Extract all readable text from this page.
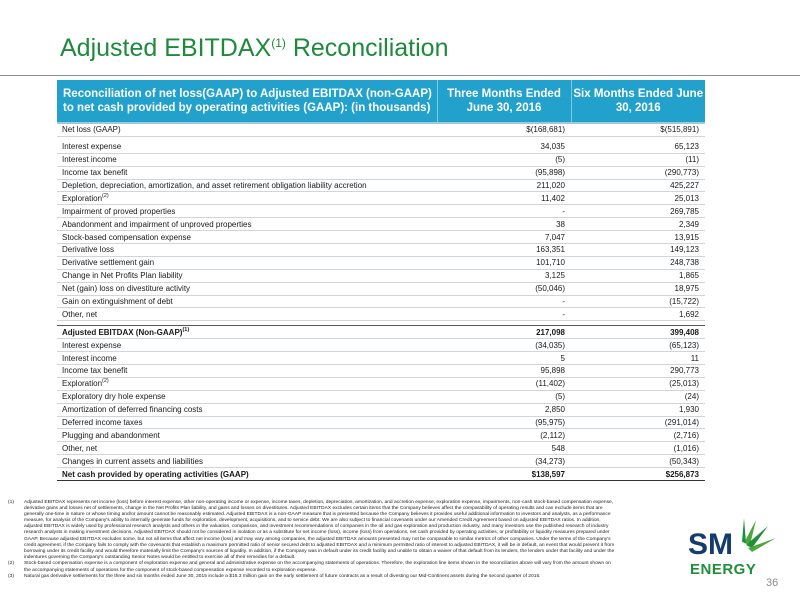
Adjusted EBITDAX$^{(1)}$ Reconciliation
Reconciliation of net loss(GAAP) to Adjusted EBITDAX (non-GAAP) to net cash provided by operating activities (GAAP): (in thousands)	Three Months Ended June 30, 2016	Six Months Ended June 30, 2016
Net loss (GAAP)	$(168,681)	$(515,891)

Interest expense	34,035	65,123
Interest income	(5)	(11)
Income tax benefit	(95,898)	(290,773)
Depletion, depreciation, amortization, and asset retirement obligation liability accretion	211,020	425,227
Exploration$^{(2)}$	11,402	25,013
Impairment of proved properties	-	269,785
Abandonment and impairment of unproved properties	38	2,349
Stock-based compensation expense	7,047	13,915
Derivative loss	163,351	149,123
Derivative settlement gain	101,710	248,738
Change in Net Profits Plan liability	3,125	1,865
Net (gain) loss on divestiture activity	(50,046)	18,975
Gain on extinguishment of debt	-	(15,722)
Other, net	-	1,692

Adjusted EBITDAX (Non-GAAP)$^{(1)}$	217,098	399,408
Interest expense	(34,035)	(65,123)
Interest income	5	11
Income tax benefit	95,898	290,773
Exploration$^{(2)}$	(11,402)	(25,013)
Exploratory dry hole expense	(5)	(24)
Amortization of deferred financing costs	2,850	1,930
Deferred income taxes	(95,975)	(291,014)
Plugging and abandonment	(2,112)	(2,716)
Other, net	548	(1,016)
Changes in current assets and liabilities	(34,273)	(50,343)
Net cash provided by operating activities (GAAP)	$138,597	$256,873
(1)	Adjusted EBITDAX represents net income (loss) before interest expense, other non-operating income or expense, income taxes, depletion, depreciation, amortization, and accretion expense, exploration expense, impairments, non-cash stock-based compensation expense, derivative gains and losses net of settlements, change in the Net Profits Plan liability, and gains and losses on divestitures. Adjusted EBITDAX excludes certain items that the Company believes affect the comparability of operating results and can exclude items that are generally one-time in nature or whose timing and/or amount cannot be reasonably estimated. Adjusted EBITDAX is a non-GAAP measure that is presented because the Company believes it provides useful additional information to investors and analysts, as a performance measure, for analysis of the Company's ability to internally generate funds for exploration, development, acquisitions, and to service debt. We are also subject to financial covenants under our Amended Credit Agreement based on adjusted EBITDAX ratios. In addition, adjusted EBITDAX is widely used by professional research analysts and others in the valuation, comparison, and investment recommendations of companies in the oil and gas exploration and production industry, and many investors use the published research of industry research analysts in making investment decisions. Adjusted EBITDAX should not be considered in isolation or as a substitute for net income (loss), income (loss) from operations, net cash provided by operating activities, or profitability or liquidity measures prepared under GAAP. Because adjusted EBITDAX excludes some, but not all items that affect net income (loss) and may vary among companies, the adjusted EBITDAX amounts presented may not be comparable to similar metrics of other companies. Under the terms of the Company's credit agreement, if the Company fails to comply with the covenants that establish a maximum permitted ratio of senior secured debt to adjusted EBITDAX and a minimum permitted ratio of interest to adjusted EBITDAX, it will be in default, an event that would prevent it from borrowing under its credit facility and would therefore materially limit the Company's sources of liquidity. In addition, if the Company was in default under its credit facility and unable to obtain a waiver of that default from its lenders, the lenders under that facility and under the indentures governing the Company's outstanding Senior Notes would be entitled to exercise all of their remedies for a default.
(2)	Stock-based compensation expense is a component of exploration expense and general and administrative expense on the accompanying statements of operations. Therefore, the exploration line items shown in the reconciliation above will vary from the amount shown on the accompanying statements of operations for the component of stock-based compensation expense recorded to exploration expense.
(3)	Natural gas derivative settlements for the three and six months ended June 30, 2015 include a $15.3 million gain on the early settlement of future contracts as a result of divesting our Mid-Continent assets during the second quarter of 2015.
SM
ENERGY
36
